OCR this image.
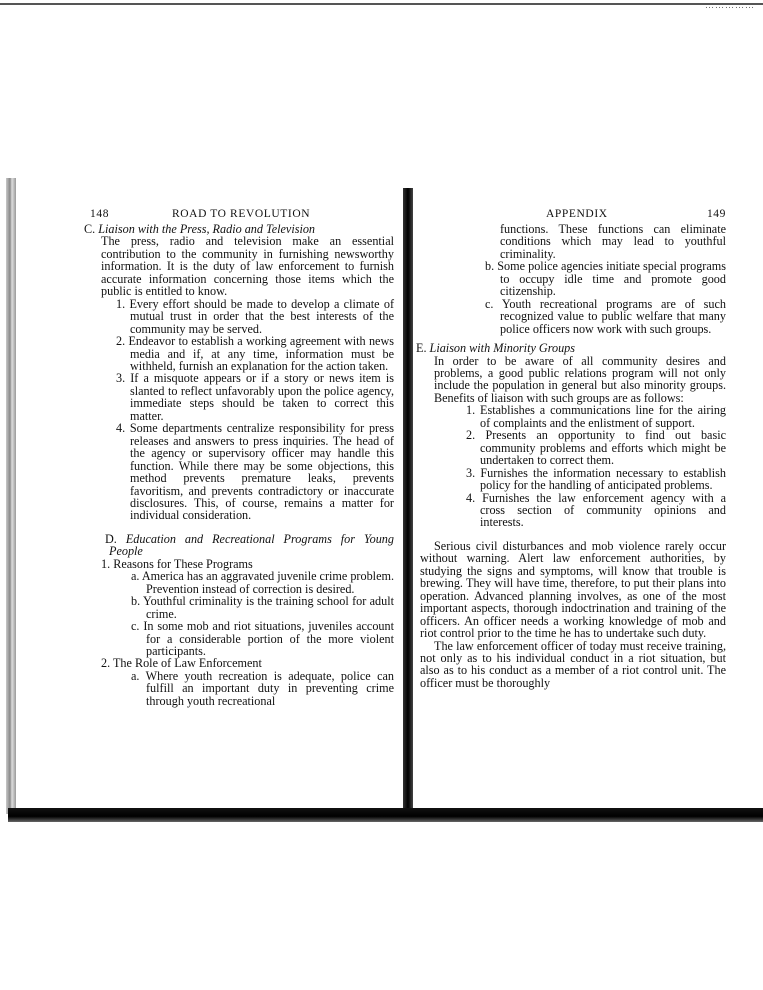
……………
148	ROAD TO REVOLUTION

C. Liaison with the Press, Radio and Television

The press, radio and television make an essential contribution to the community in furnishing newsworthy information. It is the duty of law enforcement to furnish accurate information concerning those items which the public is entitled to know.

1. Every effort should be made to develop a climate of mutual trust in order that the best interests of the community may be served.

2. Endeavor to establish a working agreement with news media and if, at any time, information must be withheld, furnish an explanation for the action taken.

3. If a misquote appears or if a story or news item is slanted to reflect unfavorably upon the police agency, immediate steps should be taken to correct this matter.

4. Some departments centralize responsibility for press releases and answers to press inquiries. The head of the agency or supervisory officer may handle this function. While there may be some objections, this method prevents premature leaks, prevents favoritism, and prevents contradictory or inaccurate disclosures. This, of course, remains a matter for individual consideration.

D. Education and Recreational Programs for Young People

1. Reasons for These Programs

a. America has an aggravated juvenile crime problem. Prevention instead of correction is desired.

b. Youthful criminality is the training school for adult crime.

c. In some mob and riot situations, juveniles account for a considerable portion of the more violent participants.

2. The Role of Law Enforcement

a. Where youth recreation is adequate, police can fulfill an important duty in preventing crime through youth recreational

APPENDIX	149

functions. These functions can eliminate conditions which may lead to youthful criminality.

b. Some police agencies initiate special programs to occupy idle time and promote good citizenship.

c. Youth recreational programs are of such recognized value to public welfare that many police officers now work with such groups.

E. Liaison with Minority Groups

In order to be aware of all community desires and problems, a good public relations program will not only include the population in general but also minority groups. Benefits of liaison with such groups are as follows:

1. Establishes a communications line for the airing of complaints and the enlistment of support.

2. Presents an opportunity to find out basic community problems and efforts which might be undertaken to correct them.

3. Furnishes the information necessary to establish policy for the handling of anticipated problems.

4. Furnishes the law enforcement agency with a cross section of community opinions and interests.

Serious civil disturbances and mob violence rarely occur without warning. Alert law enforcement authorities, by studying the signs and symptoms, will know that trouble is brewing. They will have time, therefore, to put their plans into operation. Advanced planning involves, as one of the most important aspects, thorough indoctrination and training of the officers. An officer needs a working knowledge of mob and riot control prior to the time he has to undertake such duty.

The law enforcement officer of today must receive training, not only as to his individual conduct in a riot situation, but also as to his conduct as a member of a riot control unit. The officer must be thoroughly
